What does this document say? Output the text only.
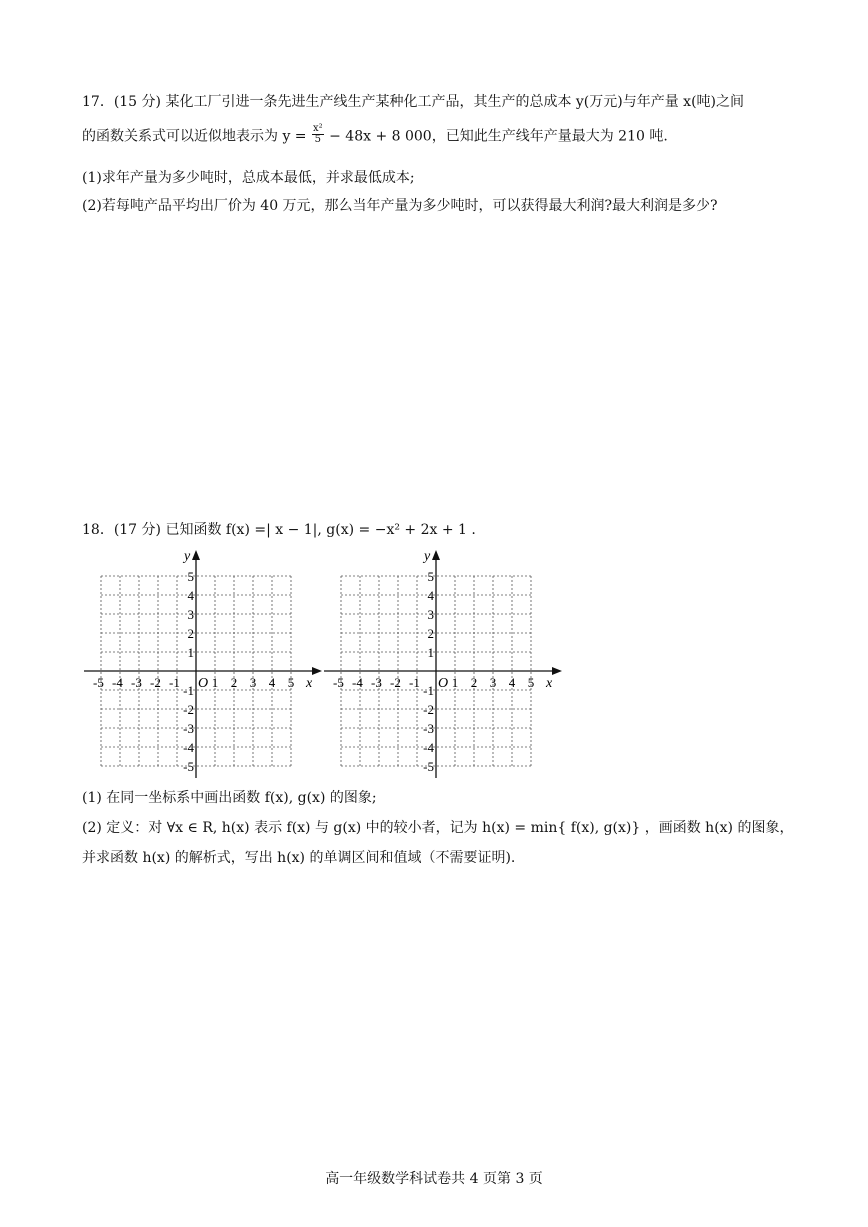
17．(15 分) 某化工厂引进一条先进生产线生产某种化工产品，其生产的总成本 y(万元)与年产量 x(吨)之间
的函数关系式可以近似地表示为 $y = \frac{\text{x²}}{5} - 48x + 8$ 000，已知此生产线年产量最大为 210 吨.
(1)求年产量为多少吨时，总成本最低，并求最低成本;
(2)若每吨产品平均出厂价为 40 万元，那么当年产量为多少吨时，可以获得最大利润?最大利润是多少?
18．(17 分) 已知函数 f(x) =| x − 1|, g(x) = −x² + 2x + 1 .
x
y
O
-5 -4 -3 -2 -1 1 2 3 4 5
5
4
3
2
1
-1
-2
-3
-4
-5
x
y
O
-5 -4 -3 -2 -1 1 2 3 4 5
5
4
3
2
1
-1
-2
-3
-4
-5
(1) 在同一坐标系中画出函数 f(x), g(x) 的图象;
(2) 定义：对 ∀x ∈ R, h(x) 表示 f(x) 与 g(x) 中的较小者，记为 h(x) = min{ f(x), g(x)} ，画函数 h(x) 的图象，
并求函数 h(x) 的解析式，写出 h(x) 的单调区间和值域（不需要证明).
高一年级数学科试卷共 4 页第 3 页
